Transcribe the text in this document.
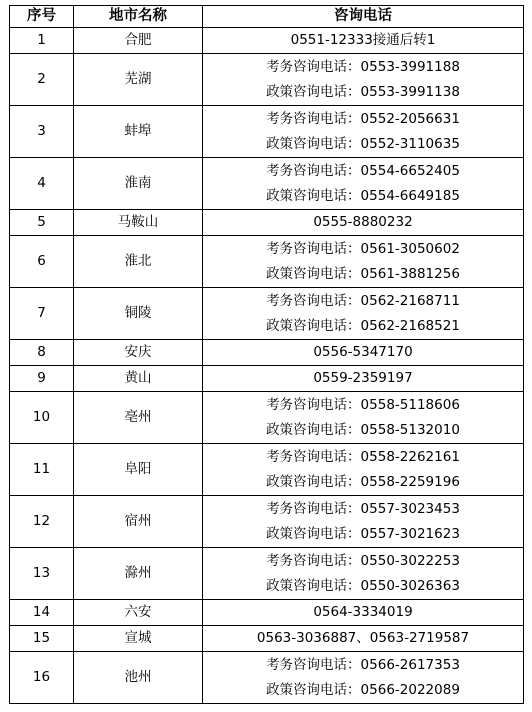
序号	地市名称	咨询电话
1	合肥	0551-12333接通后转1

2	芜湖	考务咨询电话：0553-3991188
政策咨询电话：0553-3991138

3	蚌埠	考务咨询电话：0552-2056631
政策咨询电话：0552-3110635

4	淮南	考务咨询电话：0554-6652405
政策咨询电话：0554-6649185

5	马鞍山	0555-8880232

6	淮北	考务咨询电话：0561-3050602
政策咨询电话：0561-3881256

7	铜陵	考务咨询电话：0562-2168711
政策咨询电话：0562-2168521

8	安庆	0556-5347170

9	黄山	0559-2359197

10	亳州	考务咨询电话：0558-5118606
政策咨询电话：0558-5132010

11	阜阳	考务咨询电话：0558-2262161
政策咨询电话：0558-2259196

12	宿州	考务咨询电话：0557-3023453
政策咨询电话：0557-3021623

13	滁州	考务咨询电话：0550-3022253
政策咨询电话：0550-3026363

14	六安	0564-3334019

15	宣城	0563-3036887、0563-2719587

16	池州	考务咨询电话：0566-2617353
政策咨询电话：0566-2022089
